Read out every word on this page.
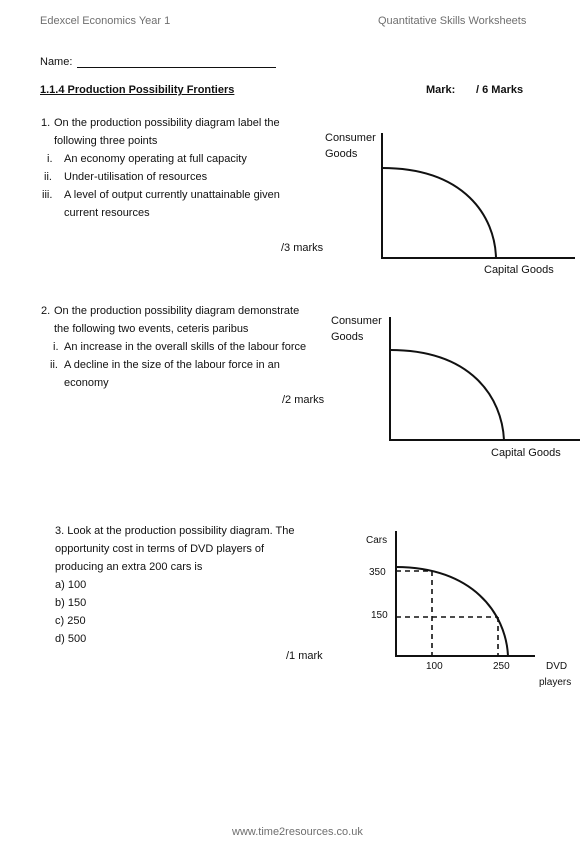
Edexcel Economics Year 1	Quantitative Skills Worksheets
Name:
1.1.4 Production Possibility Frontiers	Mark: / 6 Marks
1. On the production possibility diagram label the
following three points
i. An economy operating at full capacity
ii. Under-utilisation of resources
iii. A level of output currently unattainable given
current resources
/3 marks
Consumer
Goods
Capital Goods
2. On the production possibility diagram demonstrate
the following two events, ceteris paribus
i. An increase in the overall skills of the labour force
ii. A decline in the size of the labour force in an
economy
/2 marks
Consumer
Goods
Capital Goods
3. Look at the production possibility diagram. The
opportunity cost in terms of DVD players of
producing an extra 200 cars is
a) 100
b) 150
c) 250
d) 500
/1 mark
Cars
350
150
100	250	DVD
players
www.time2resources.co.uk
